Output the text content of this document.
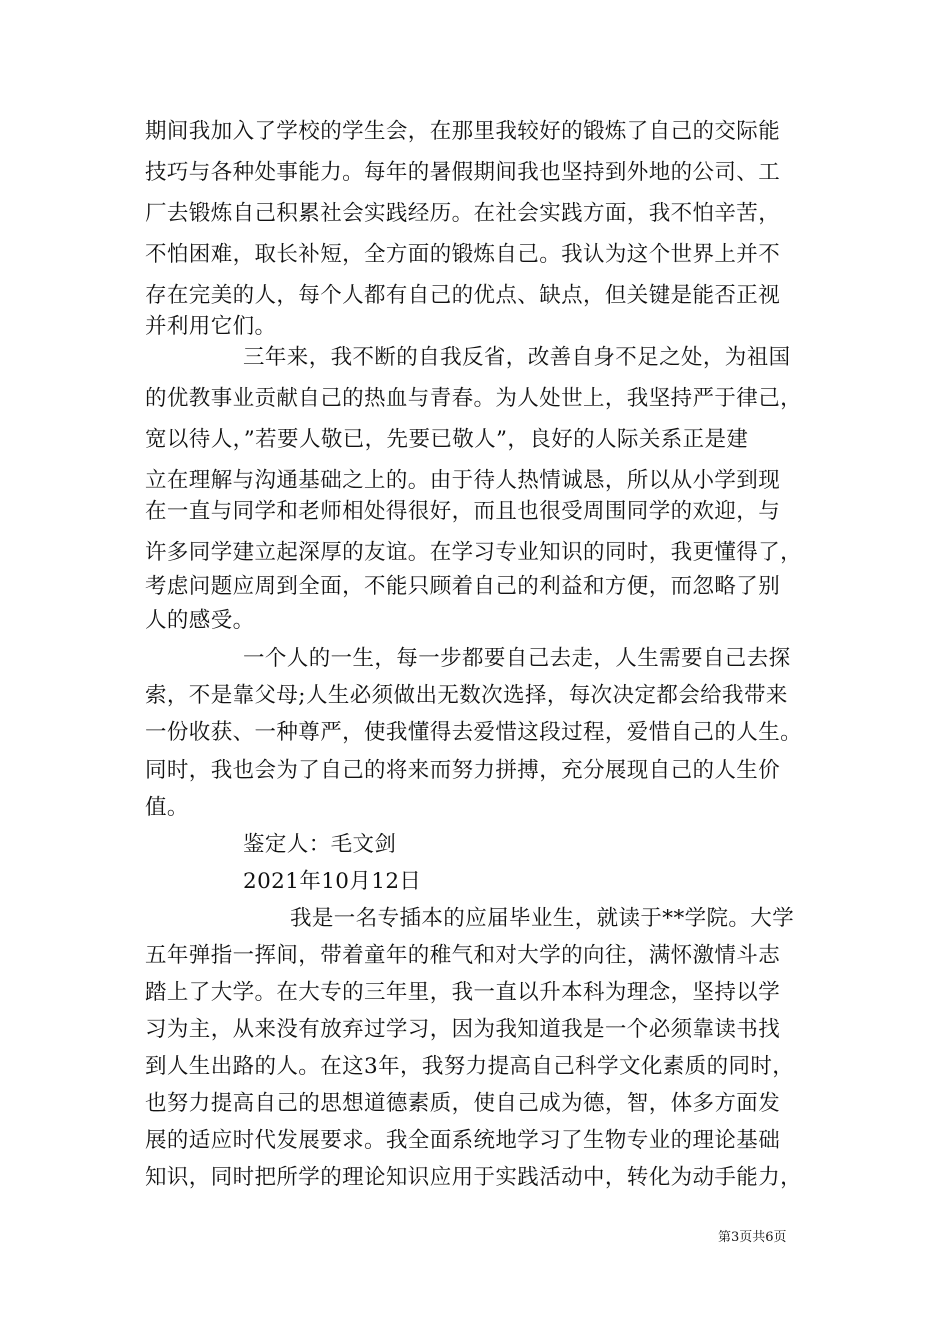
期间我加入了学校的学生会，在那里我较好的锻炼了自己的交际能
技巧与各种处事能力。每年的暑假期间我也坚持到外地的公司、工
厂去锻炼自己积累社会实践经历。在社会实践方面，我不怕辛苦，
不怕困难，取长补短，全方面的锻炼自己。我认为这个世界上并不
存在完美的人，每个人都有自己的优点、缺点，但关键是能否正视
并利用它们。
三年来，我不断的自我反省，改善自身不足之处，为祖国
的优教事业贡献自己的热血与青春。为人处世上，我坚持严于律己，
宽以待人，”若要人敬已，先要已敬人”，良好的人际关系正是建
立在理解与沟通基础之上的。由于待人热情诚恳，所以从小学到现
在一直与同学和老师相处得很好，而且也很受周围同学的欢迎，与
许多同学建立起深厚的友谊。在学习专业知识的同时，我更懂得了，
考虑问题应周到全面，不能只顾着自己的利益和方便，而忽略了别
人的感受。
一个人的一生，每一步都要自己去走，人生需要自己去探
索，不是靠父母;人生必须做出无数次选择，每次决定都会给我带来
一份收获、一种尊严，使我懂得去爱惜这段过程，爱惜自己的人生。
同时，我也会为了自己的将来而努力拼搏，充分展现自己的人生价
值。
鉴定人：毛文剑
2021年10月12日
我是一名专插本的应届毕业生，就读于**学院。大学
五年弹指一挥间，带着童年的稚气和对大学的向往，满怀激情斗志
踏上了大学。在大专的三年里，我一直以升本科为理念，坚持以学
习为主，从来没有放弃过学习，因为我知道我是一个必须靠读书找
到人生出路的人。在这3年，我努力提高自己科学文化素质的同时，
也努力提高自己的思想道德素质，使自己成为德，智，体多方面发
展的适应时代发展要求。我全面系统地学习了生物专业的理论基础
知识，同时把所学的理论知识应用于实践活动中，转化为动手能力，
第3页共6页
